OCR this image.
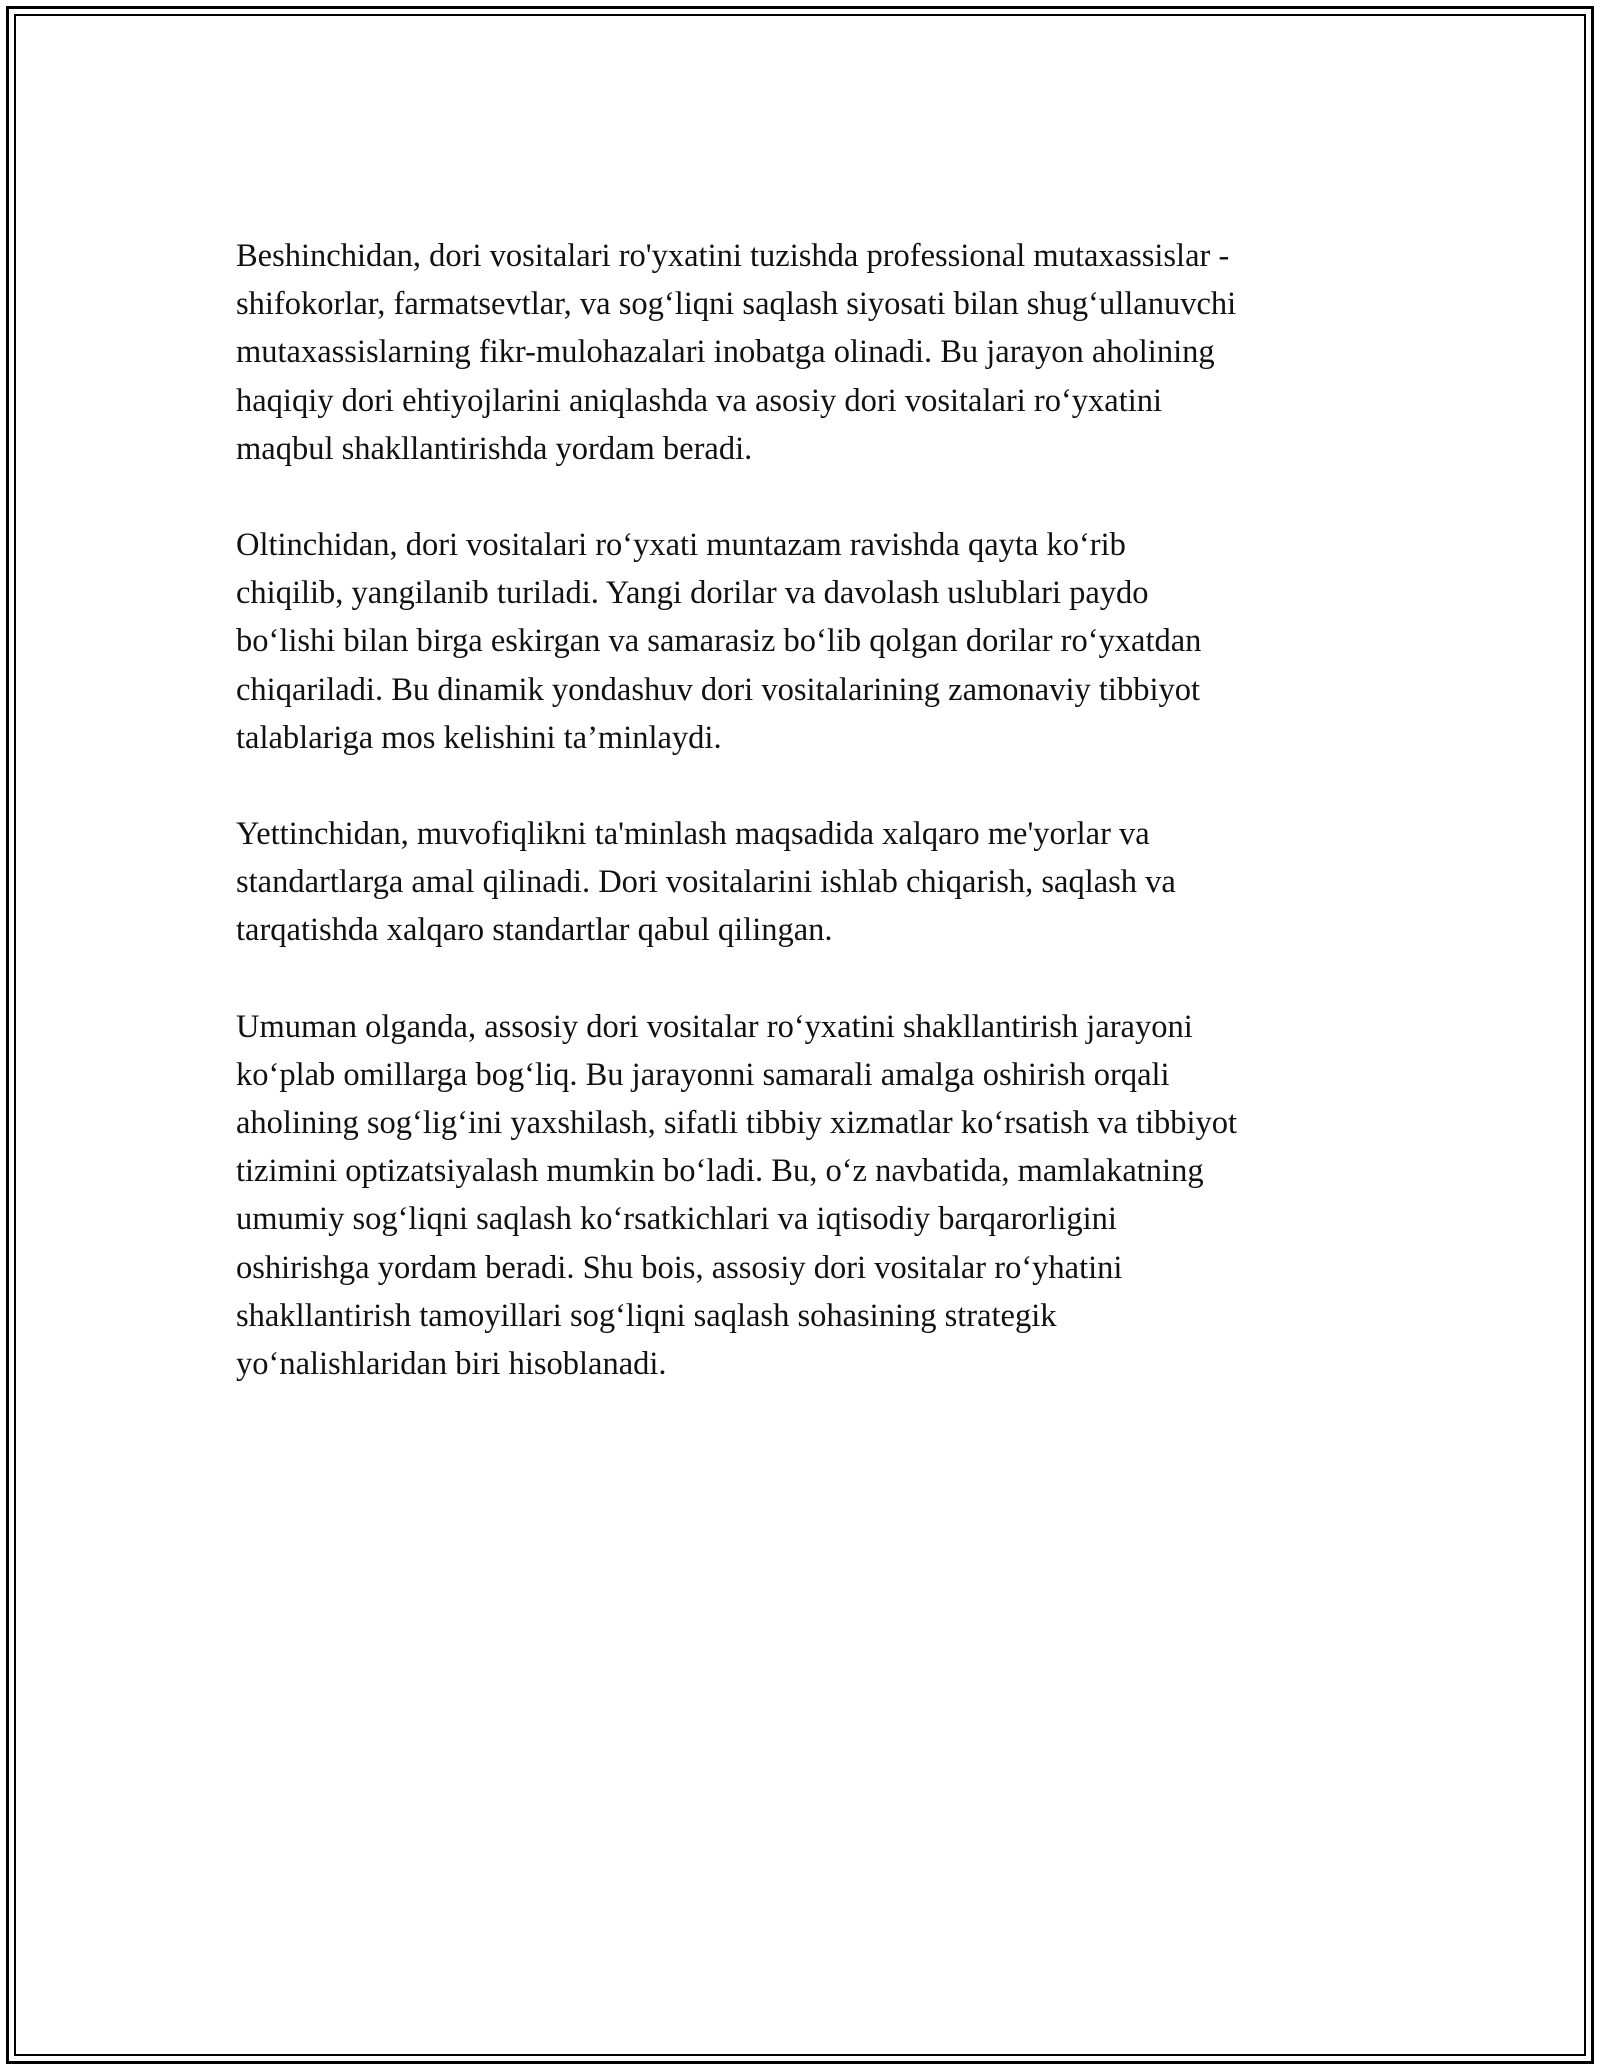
Beshinchidan, dori vositalari ro'yxatini tuzishda professional mutaxassislar -
shifokorlar, farmatsevtlar, va sog‘liqni saqlash siyosati bilan shug‘ullanuvchi
mutaxassislarning fikr-mulohazalari inobatga olinadi. Bu jarayon aholining
haqiqiy dori ehtiyojlarini aniqlashda va asosiy dori vositalari ro‘yxatini
maqbul shakllantirishda yordam beradi.

Oltinchidan, dori vositalari ro‘yxati muntazam ravishda qayta ko‘rib
chiqilib, yangilanib turiladi. Yangi dorilar va davolash uslublari paydo
bo‘lishi bilan birga eskirgan va samarasiz bo‘lib qolgan dorilar ro‘yxatdan
chiqariladi. Bu dinamik yondashuv dori vositalarining zamonaviy tibbiyot
talablariga mos kelishini ta’minlaydi.

Yettinchidan, muvofiqlikni ta'minlash maqsadida xalqaro me'yorlar va
standartlarga amal qilinadi. Dori vositalarini ishlab chiqarish, saqlash va
tarqatishda xalqaro standartlar qabul qilingan.

Umuman olganda, assosiy dori vositalar ro‘yxatini shakllantirish jarayoni
ko‘plab omillarga bog‘liq. Bu jarayonni samarali amalga oshirish orqali
aholining sog‘lig‘ini yaxshilash, sifatli tibbiy xizmatlar ko‘rsatish va tibbiyot
tizimini optizatsiyalash mumkin bo‘ladi. Bu, o‘z navbatida, mamlakatning
umumiy sog‘liqni saqlash ko‘rsatkichlari va iqtisodiy barqarorligini
oshirishga yordam beradi. Shu bois, assosiy dori vositalar ro‘yhatini
shakllantirish tamoyillari sog‘liqni saqlash sohasining strategik
yo‘nalishlaridan biri hisoblanadi.
